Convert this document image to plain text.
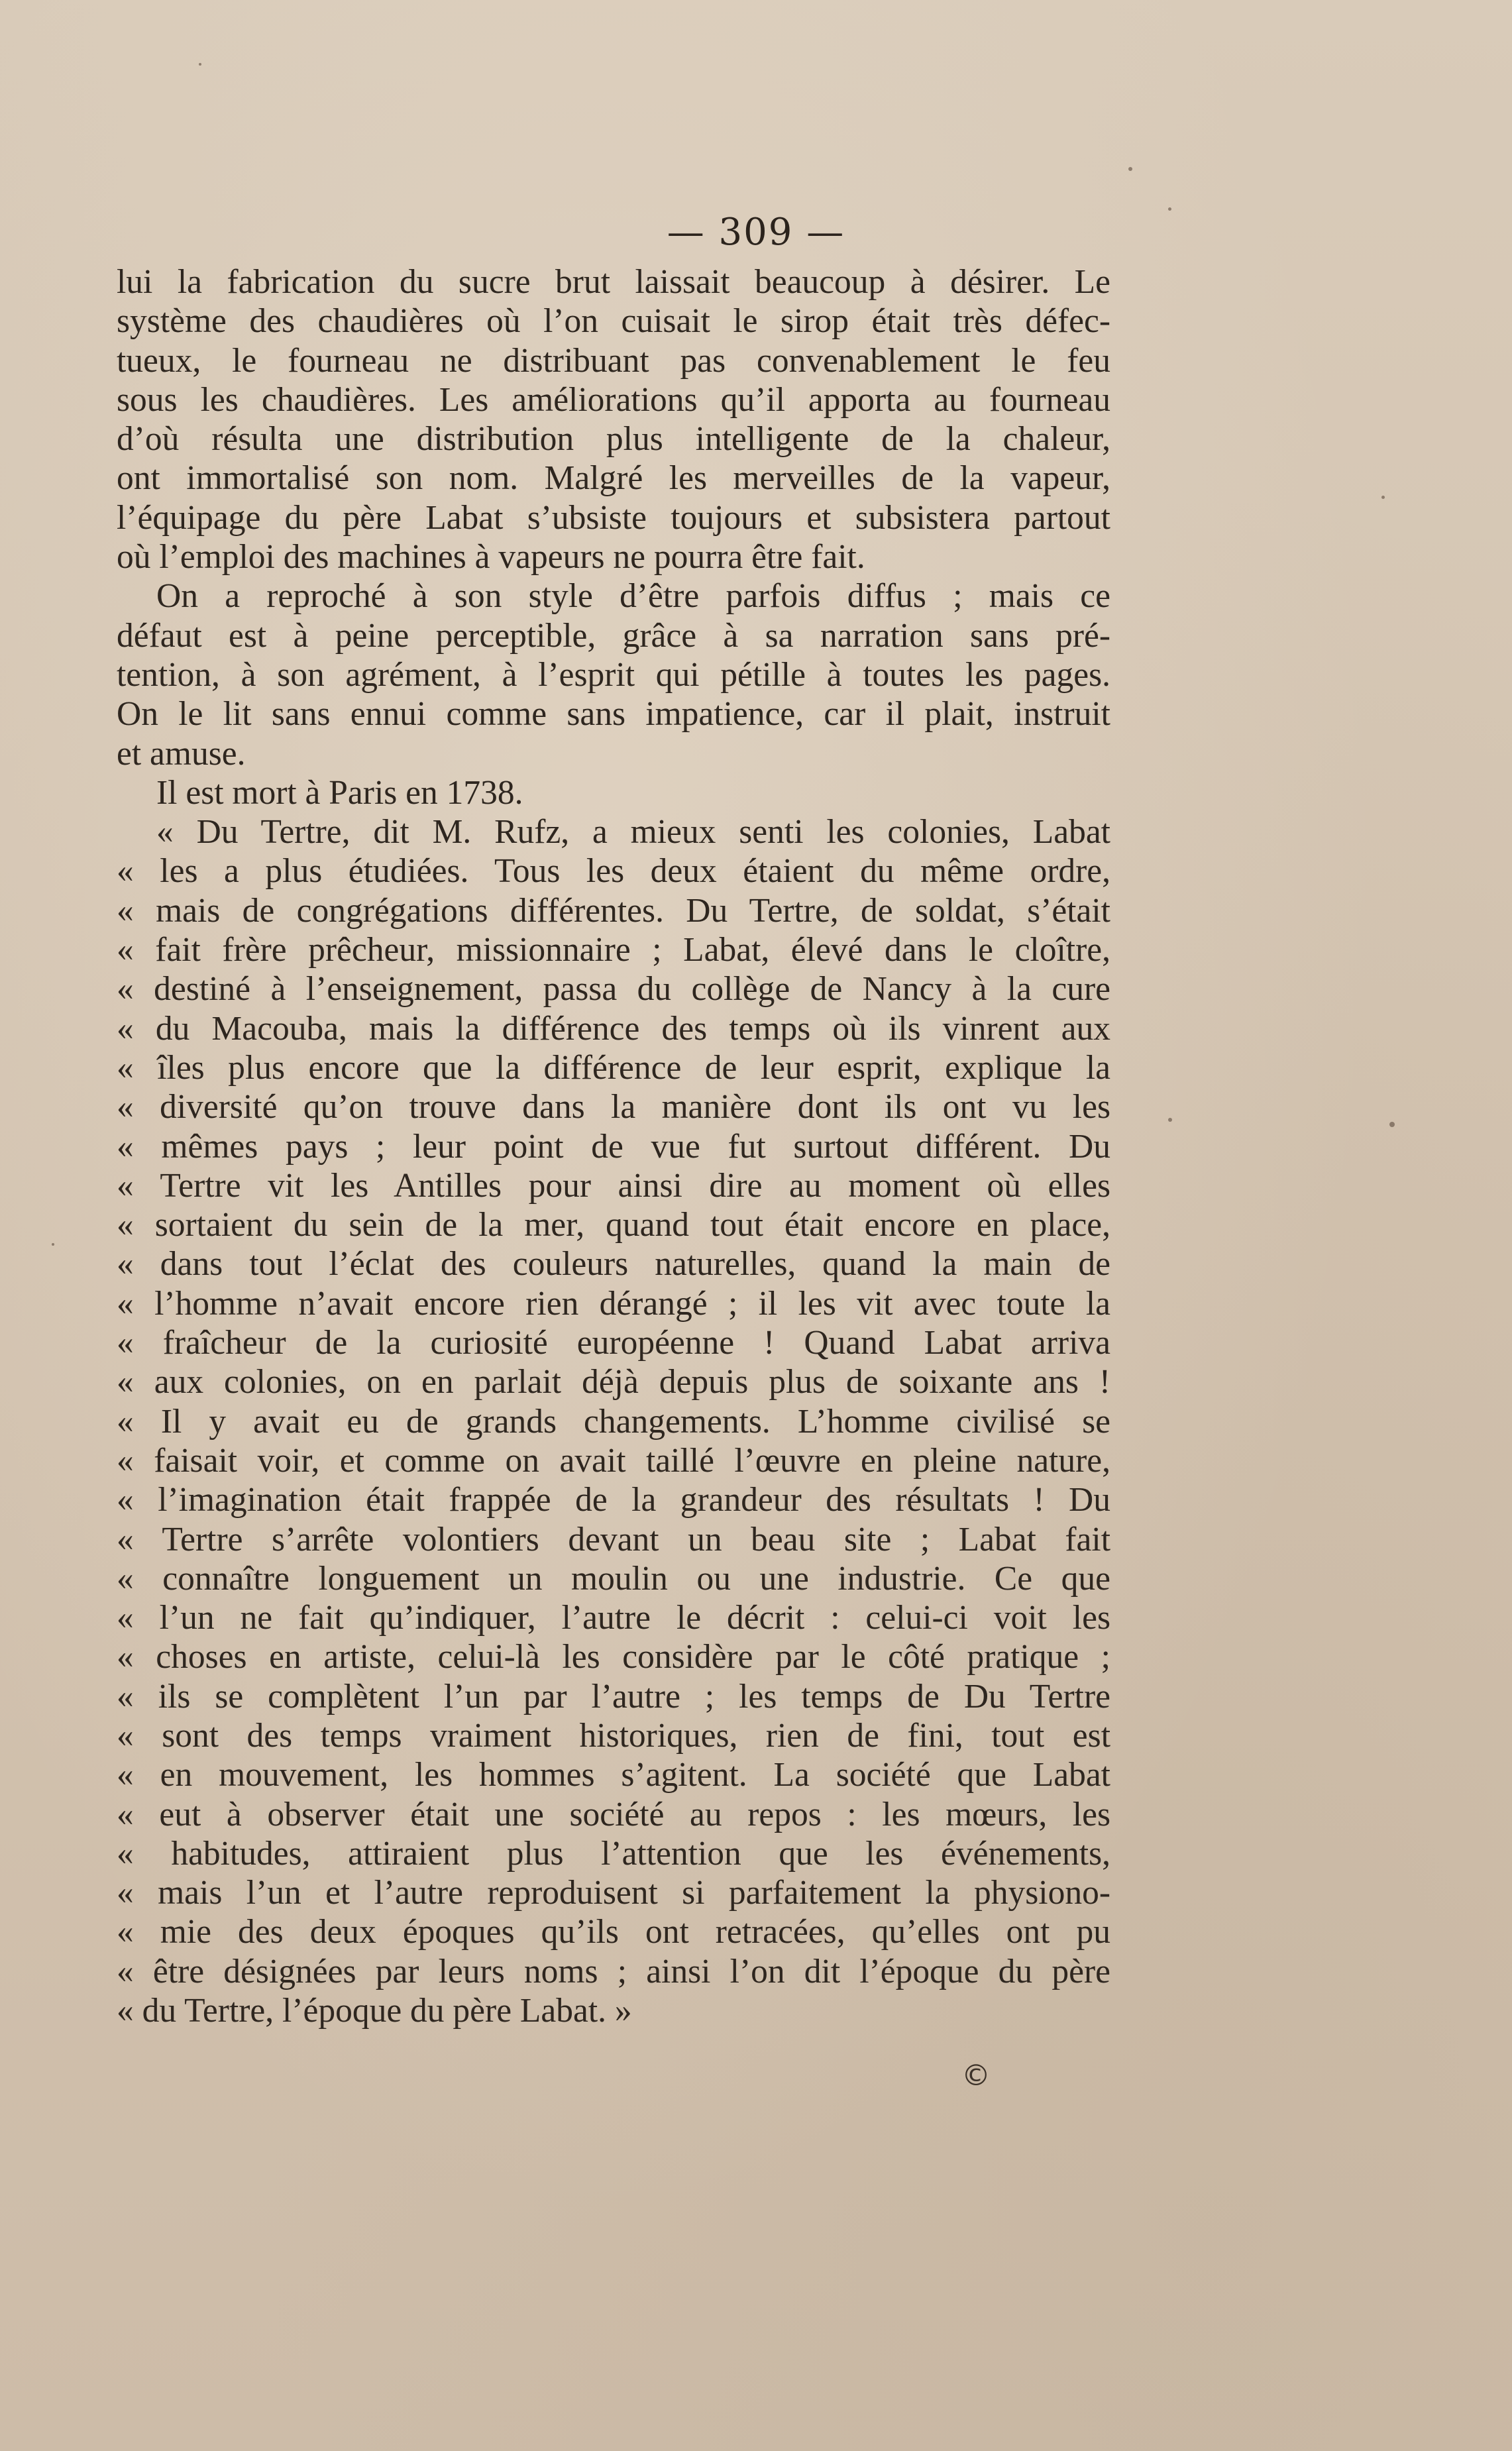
— 309 —
lui la fabrication du sucre brut laissait beaucoup à désirer. Le
système des chaudières où l’on cuisait le sirop était très défec-
tueux, le fourneau ne distribuant pas convenablement le feu
sous les chaudières. Les améliorations qu’il apporta au fourneau
d’où résulta une distribution plus intelligente de la chaleur,
ont immortalisé son nom. Malgré les merveilles de la vapeur,
l’équipage du père Labat s’ubsiste toujours et subsistera partout
où l’emploi des machines à vapeurs ne pourra être fait.
On a reproché à son style d’être parfois diffus ; mais ce
défaut est à peine perceptible, grâce à sa narration sans pré-
tention, à son agrément, à l’esprit qui pétille à toutes les pages.
On le lit sans ennui comme sans impatience, car il plait, instruit
et amuse.
Il est mort à Paris en 1738.
« Du Tertre, dit M. Rufz, a mieux senti les colonies, Labat
« les a plus étudiées. Tous les deux étaient du même ordre,
« mais de congrégations différentes. Du Tertre, de soldat, s’était
« fait frère prêcheur, missionnaire ; Labat, élevé dans le cloître,
« destiné à l’enseignement, passa du collège de Nancy à la cure
« du Macouba, mais la différence des temps où ils vinrent aux
« îles plus encore que la différence de leur esprit, explique la
« diversité qu’on trouve dans la manière dont ils ont vu les
« mêmes pays ; leur point de vue fut surtout différent. Du
« Tertre vit les Antilles pour ainsi dire au moment où elles
« sortaient du sein de la mer, quand tout était encore en place,
« dans tout l’éclat des couleurs naturelles, quand la main de
« l’homme n’avait encore rien dérangé ; il les vit avec toute la
« fraîcheur de la curiosité européenne ! Quand Labat arriva
« aux colonies, on en parlait déjà depuis plus de soixante ans !
« Il y avait eu de grands changements. L’homme civilisé se
« faisait voir, et comme on avait taillé l’œuvre en pleine nature,
« l’imagination était frappée de la grandeur des résultats ! Du
« Tertre s’arrête volontiers devant un beau site ; Labat fait
« connaître longuement un moulin ou une industrie. Ce que
« l’un ne fait qu’indiquer, l’autre le décrit : celui-ci voit les
« choses en artiste, celui-là les considère par le côté pratique ;
« ils se complètent l’un par l’autre ; les temps de Du Tertre
« sont des temps vraiment historiques, rien de fini, tout est
« en mouvement, les hommes s’agitent. La société que Labat
« eut à observer était une société au repos : les mœurs, les
« habitudes, attiraient plus l’attention que les événements,
« mais l’un et l’autre reproduisent si parfaitement la physiono-
« mie des deux époques qu’ils ont retracées, qu’elles ont pu
« être désignées par leurs noms ; ainsi l’on dit l’époque du père
« du Tertre, l’époque du père Labat. »
©
